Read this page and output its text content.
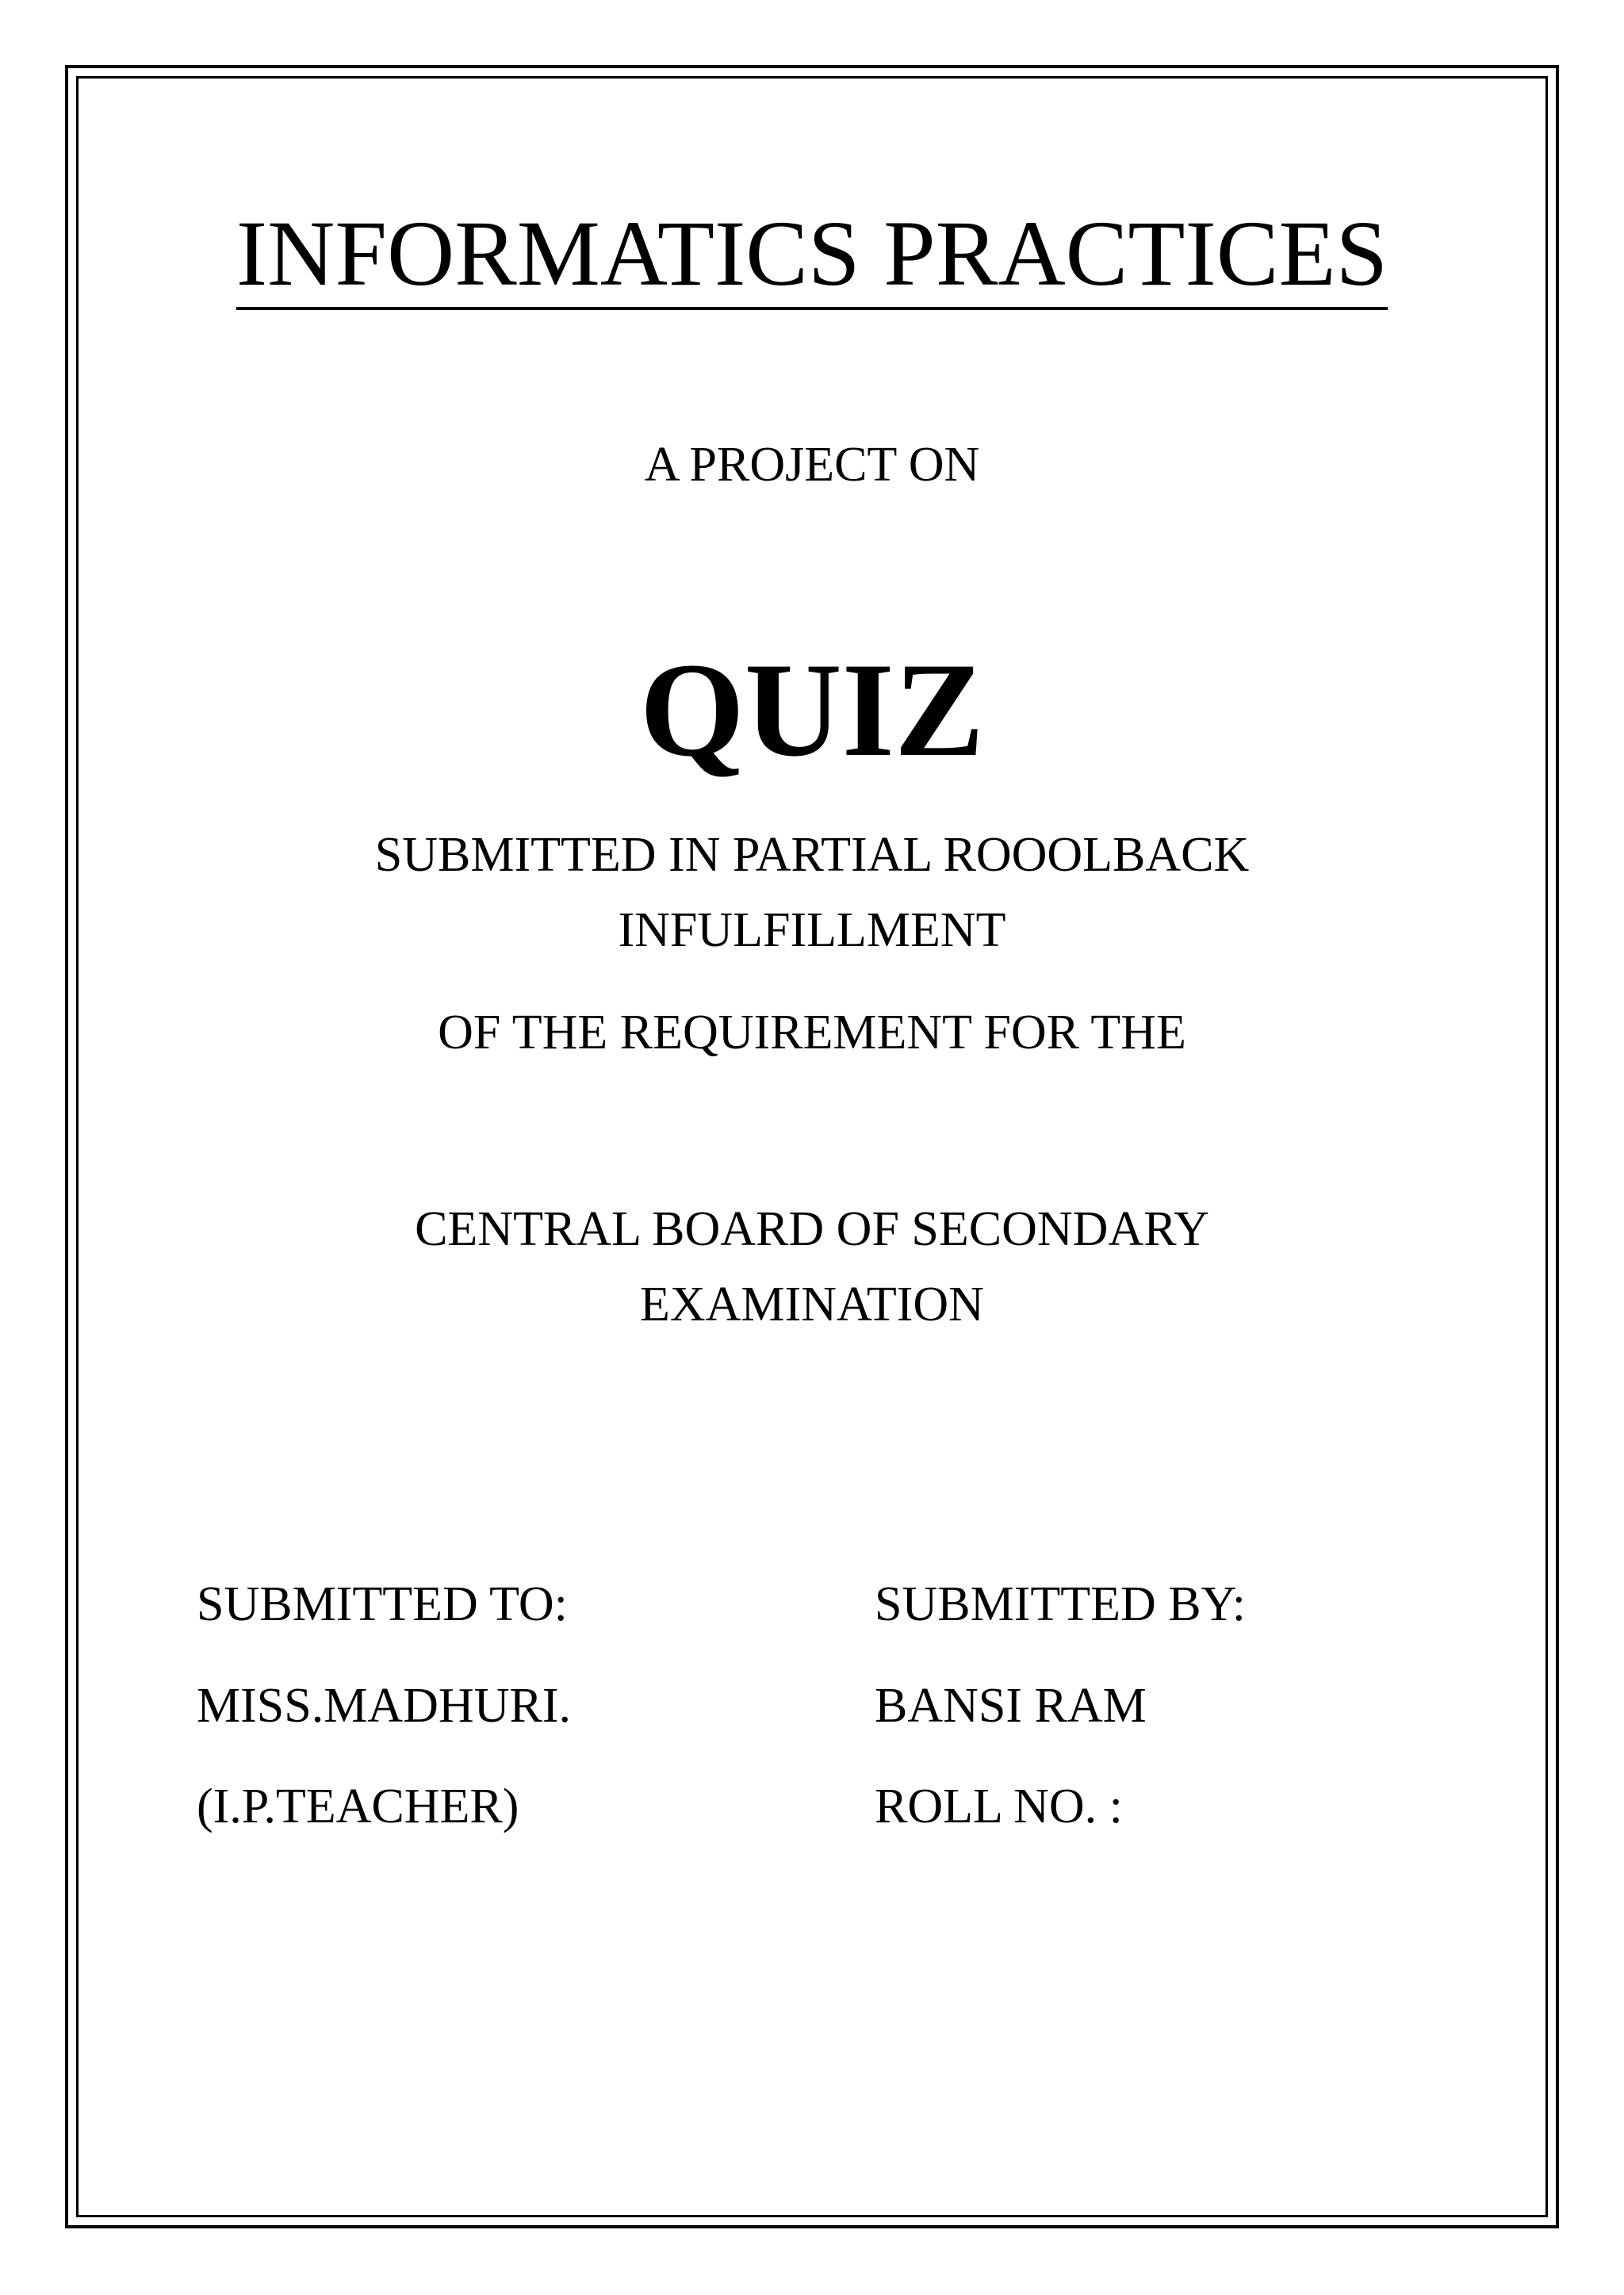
INFORMATICS PRACTICES
A PROJECT ON
QUIZ
SUBMITTED IN PARTIAL ROOOLBACK
INFULFILLMENT
OF THE REQUIREMENT FOR THE
CENTRAL BOARD OF SECONDARY
EXAMINATION
SUBMITTED TO:
MISS.MADHURI.
(I.P.TEACHER)
SUBMITTED BY:
BANSI RAM
ROLL NO. :
